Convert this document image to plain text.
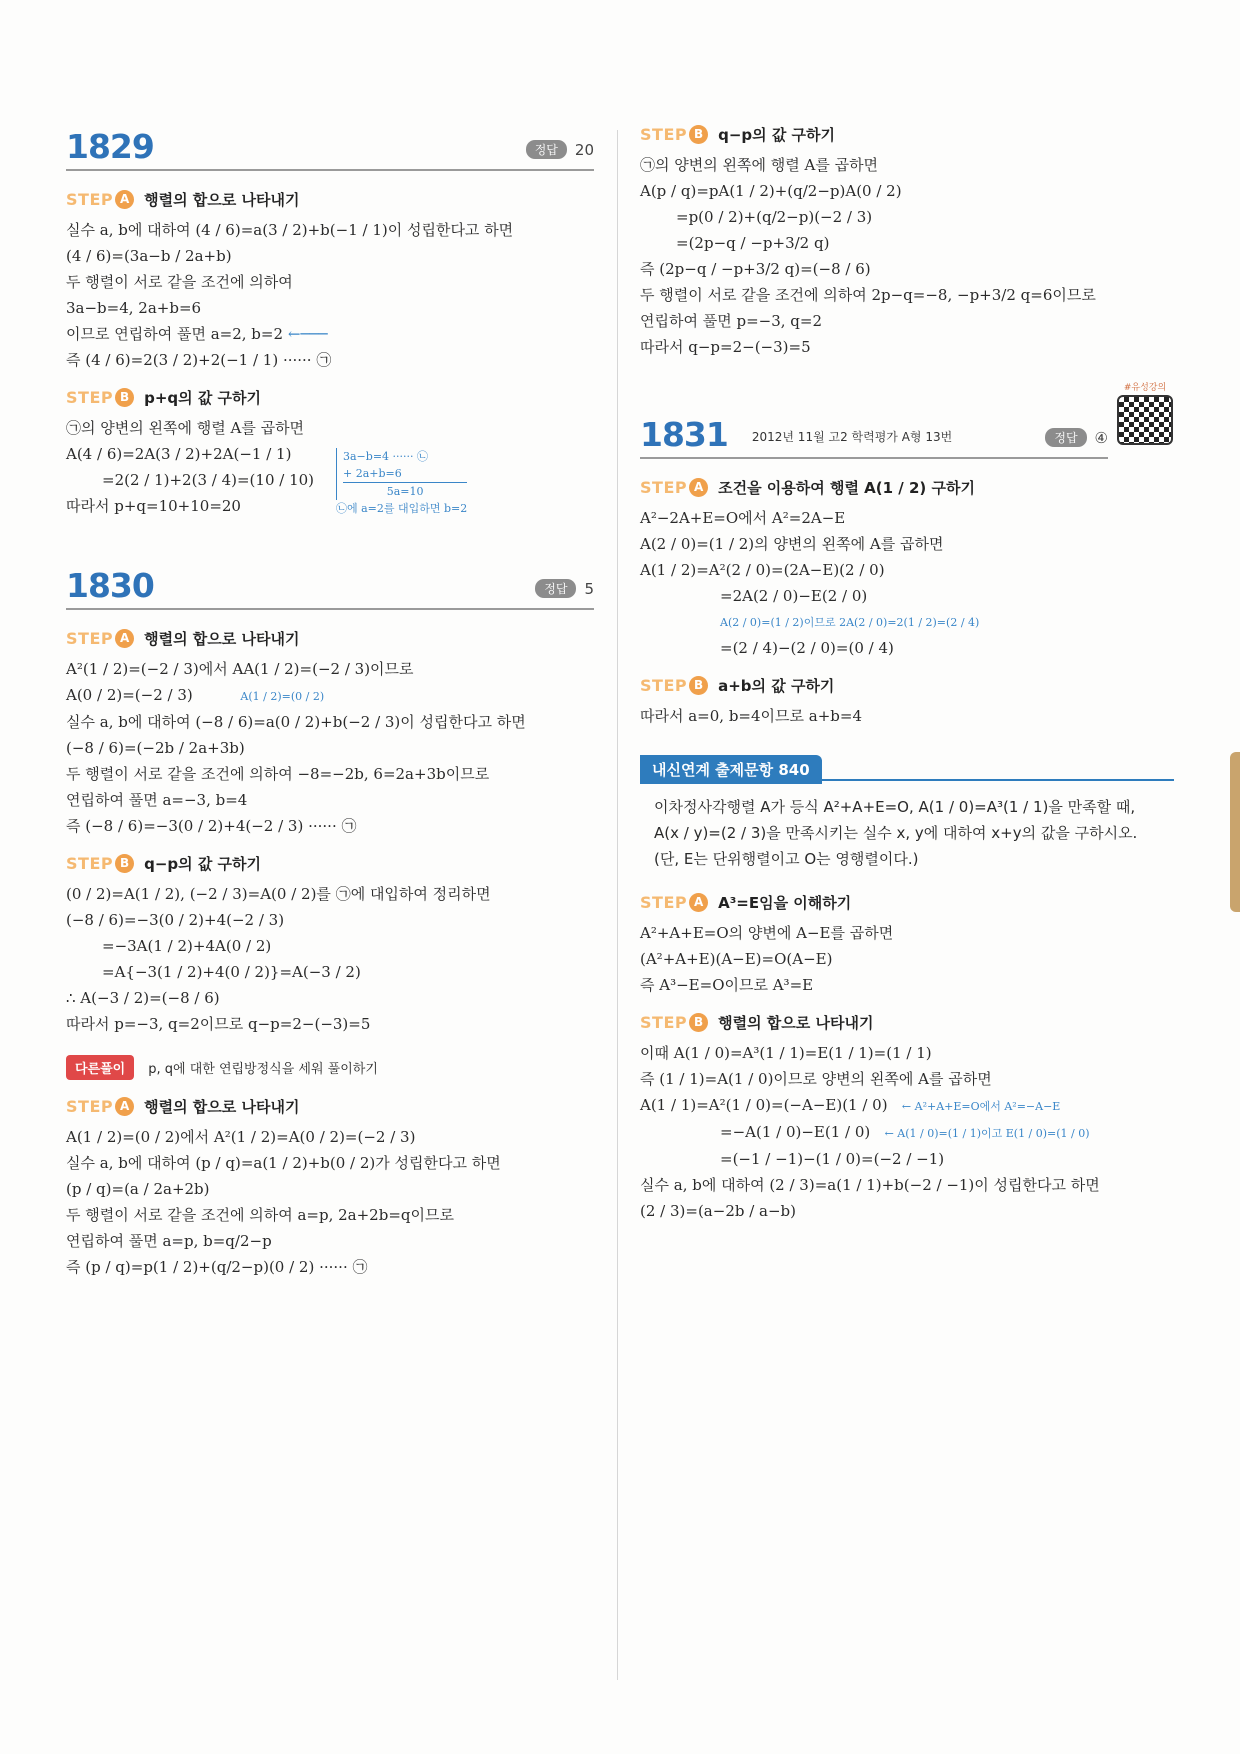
1829	정답	20
STEP A 행렬의 합으로 나타내기
실수 a, b에 대하여 (4 / 6)=a(3 / 2)+b(−1 / 1)이 성립한다고 하면
(4 / 6)=(3a−b / 2a+b)
두 행렬이 서로 같을 조건에 의하여
3a−b=4, 2a+b=6
이므로 연립하여 풀면 a=2, b=2 ←───
즉 (4 / 6)=2(3 / 2)+2(−1 / 1) ······ ㉠
3a−b=4 ······ ㉡
+ 2a+b=6
5a=10
㉡에 a=2를 대입하면 b=2
STEP B p+q의 값 구하기
㉠의 양변의 왼쪽에 행렬 A를 곱하면
A(4 / 6)=2A(3 / 2)+2A(−1 / 1)
=2(2 / 1)+2(3 / 4)=(10 / 10)
따라서 p+q=10+10=20
1830	정답	5
STEP A 행렬의 합으로 나타내기
A²(1 / 2)=(−2 / 3)에서 AA(1 / 2)=(−2 / 3)이므로
A(0 / 2)=(−2 / 3)	A(1 / 2)=(0 / 2)
실수 a, b에 대하여 (−8 / 6)=a(0 / 2)+b(−2 / 3)이 성립한다고 하면
(−8 / 6)=(−2b / 2a+3b)
두 행렬이 서로 같을 조건에 의하여 −8=−2b, 6=2a+3b이므로
연립하여 풀면 a=−3, b=4
즉 (−8 / 6)=−3(0 / 2)+4(−2 / 3) ······ ㉠
STEP B q−p의 값 구하기
(0 / 2)=A(1 / 2), (−2 / 3)=A(0 / 2)를 ㉠에 대입하여 정리하면
(−8 / 6)=−3(0 / 2)+4(−2 / 3)
=−3A(1 / 2)+4A(0 / 2)
=A{−3(1 / 2)+4(0 / 2)}=A(−3 / 2)
∴ A(−3 / 2)=(−8 / 6)
따라서 p=−3, q=2이므로 q−p=2−(−3)=5
다른풀이	p, q에 대한 연립방정식을 세워 풀이하기
STEP A 행렬의 합으로 나타내기
A(1 / 2)=(0 / 2)에서 A²(1 / 2)=A(0 / 2)=(−2 / 3)
실수 a, b에 대하여 (p / q)=a(1 / 2)+b(0 / 2)가 성립한다고 하면
(p / q)=(a / 2a+2b)
두 행렬이 서로 같을 조건에 의하여 a=p, 2a+2b=q이므로
연립하여 풀면 a=p, b=q/2−p
즉 (p / q)=p(1 / 2)+(q/2−p)(0 / 2) ······ ㉠
STEP B q−p의 값 구하기
㉠의 양변의 왼쪽에 행렬 A를 곱하면
A(p / q)=pA(1 / 2)+(q/2−p)A(0 / 2)
=p(0 / 2)+(q/2−p)(−2 / 3)
=(2p−q / −p+3/2 q)
즉 (2p−q / −p+3/2 q)=(−8 / 6)
두 행렬이 서로 같을 조건에 의하여 2p−q=−8, −p+3/2 q=6이므로
연립하여 풀면 p=−3, q=2
따라서 q−p=2−(−3)=5
#유성강의
1831 2012년 11월 고2 학력평가 A형 13번	정답	④
STEP A 조건을 이용하여 행렬 A(1 / 2) 구하기
A²−2A+E=O에서 A²=2A−E
A(2 / 0)=(1 / 2)의 양변의 왼쪽에 A를 곱하면
A(1 / 2)=A²(2 / 0)=(2A−E)(2 / 0)
=2A(2 / 0)−E(2 / 0)
A(2 / 0)=(1 / 2)이므로 2A(2 / 0)=2(1 / 2)=(2 / 4)
=(2 / 4)−(2 / 0)=(0 / 4)
STEP B a+b의 값 구하기
따라서 a=0, b=4이므로 a+b=4
내신연계 출제문항 840
이차정사각행렬 A가 등식 A²+A+E=O, A(1 / 0)=A³(1 / 1)을 만족할 때,
A(x / y)=(2 / 3)을 만족시키는 실수 x, y에 대하여 x+y의 값을 구하시오.
(단, E는 단위행렬이고 O는 영행렬이다.)
STEP A A³=E임을 이해하기
A²+A+E=O의 양변에 A−E를 곱하면
(A²+A+E)(A−E)=O(A−E)
즉 A³−E=O이므로 A³=E
STEP B 행렬의 합으로 나타내기
이때 A(1 / 0)=A³(1 / 1)=E(1 / 1)=(1 / 1)
즉 (1 / 1)=A(1 / 0)이므로 양변의 왼쪽에 A를 곱하면
A(1 / 1)=A²(1 / 0)=(−A−E)(1 / 0) ← A²+A+E=O에서 A²=−A−E
=−A(1 / 0)−E(1 / 0) ← A(1 / 0)=(1 / 1)이고 E(1 / 0)=(1 / 0)
=(−1 / −1)−(1 / 0)=(−2 / −1)
실수 a, b에 대하여 (2 / 3)=a(1 / 1)+b(−2 / −1)이 성립한다고 하면
(2 / 3)=(a−2b / a−b)
